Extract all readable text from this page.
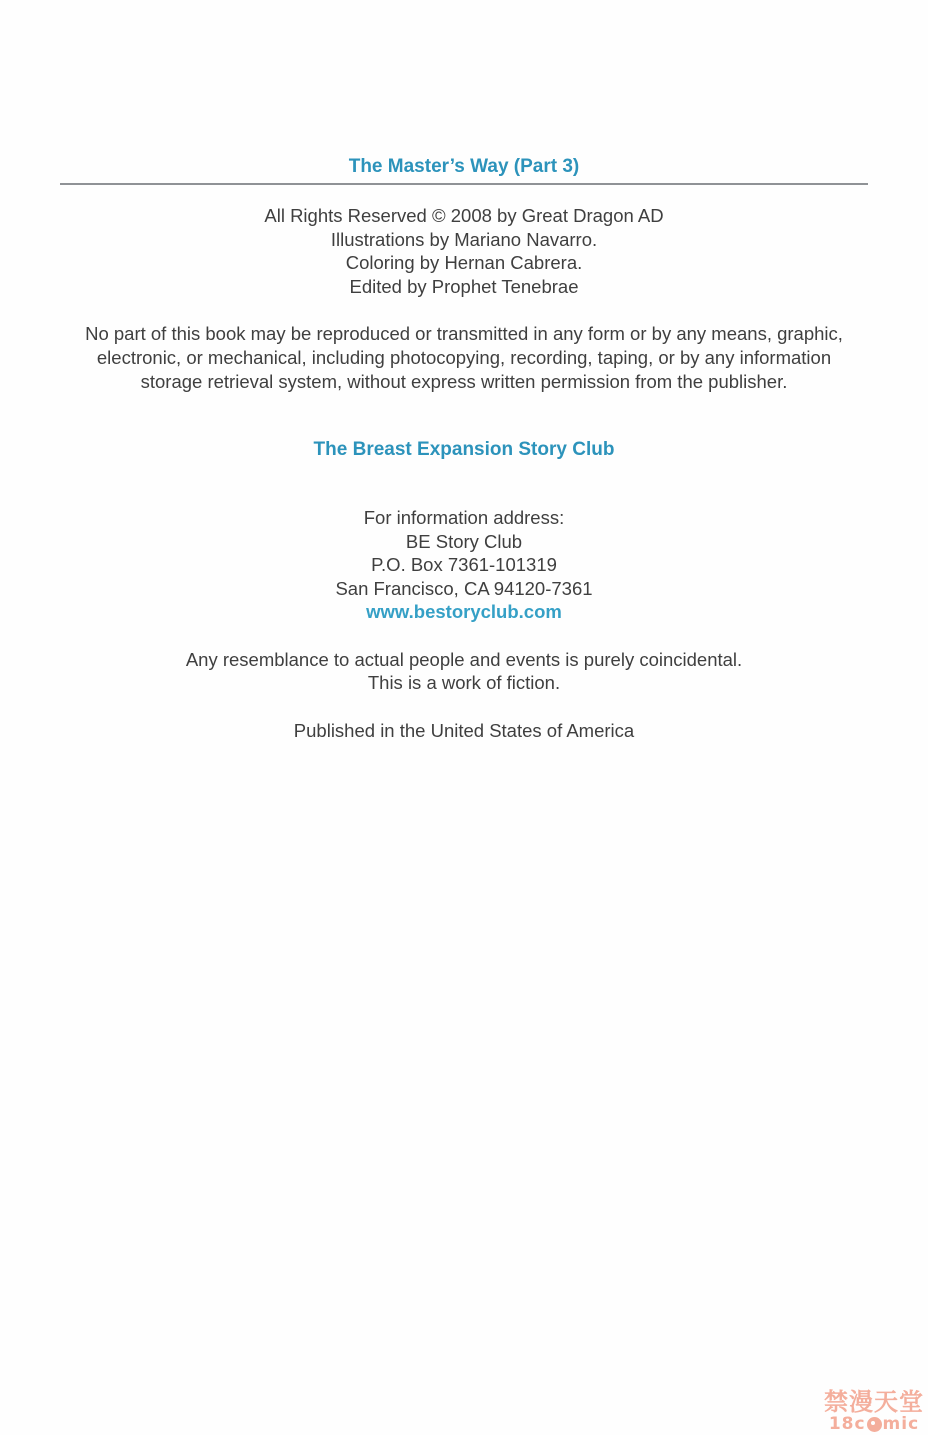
The Master’s Way (Part 3)
All Rights Reserved © 2008 by Great Dragon AD
Illustrations by Mariano Navarro.
Coloring by Hernan Cabrera.
Edited by Prophet Tenebrae
No part of this book may be reproduced or transmitted in any form or by any means, graphic,
electronic, or mechanical, including photocopying, recording, taping, or by any information
storage retrieval system, without express written permission from the publisher.
The Breast Expansion Story Club
For information address:
BE Story Club
P.O. Box 7361-101319
San Francisco, CA 94120-7361
www.bestoryclub.com
Any resemblance to actual people and events is purely coincidental.
This is a work of fiction.

Published in the United States of America

禁漫天堂
18c mic
